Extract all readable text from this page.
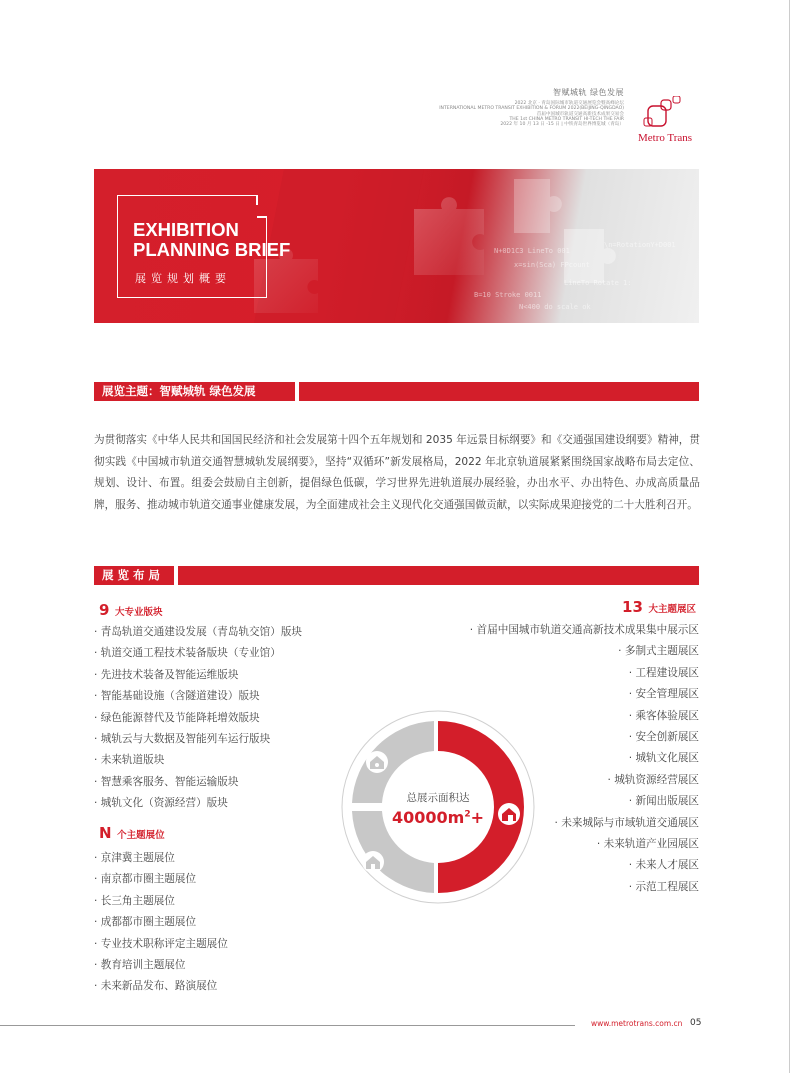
智赋城轨 绿色发展
2022 北京 · 青岛国际城市轨道交通展览会暨高峰论坛
INTERNATIONAL METRO TRANSIT EXHIBITION & FORUM 2022(BEIJING-QINGDAO)
首届中国城市轨道交通高新技术成果交易会
THE 1st CHINA METRO TRANSIT HI-TECH THE FAIR
2022 年 10 月 13 日 -15 日 | 中铁青岛世界博览城（青岛）
Metro Trans
N+0D1C3 LineTo 001
x=sin(Sca) FPcount
LineTo Rotate 1:
N<400 do scale ok
\n=RotationY+D001
B=10 Stroke 0011
EXHIBITION
PLANNING BRIEF
展览规划概要
展览主题：智赋城轨 绿色发展
为贯彻落实《中华人民共和国国民经济和社会发展第十四个五年规划和 2035 年远景目标纲要》和《交通强国建设纲要》精神，贯彻实践《中国城市轨道交通智慧城轨发展纲要》，坚持“双循环”新发展格局，2022 年北京轨道展紧紧围绕国家战略布局去定位、规划、设计、布置。组委会鼓励自主创新，提倡绿色低碳，学习世界先进轨道展办展经验，办出水平、办出特色、办成高质量品牌，服务、推动城市轨道交通事业健康发展，为全面建成社会主义现代化交通强国做贡献，以实际成果迎接党的二十大胜利召开。
展 览 布 局
9 大专业版块
· 青岛轨道交通建设发展（青岛轨交馆）版块
· 轨道交通工程技术装备版块（专业馆）
· 先进技术装备及智能运维版块
· 智能基础设施（含隧道建设）版块
· 绿色能源替代及节能降耗增效版块
· 城轨云与大数据及智能列车运行版块
· 未来轨道版块
· 智慧乘客服务、智能运输版块
· 城轨文化（资源经营）版块
N 个主题展位
· 京津冀主题展位
· 南京都市圈主题展位
· 长三角主题展位
· 成都都市圈主题展位
· 专业技术职称评定主题展位
· 教育培训主题展位
· 未来新品发布、路演展位
13 大主题展区
· 首届中国城市轨道交通高新技术成果集中展示区
· 多制式主题展区
· 工程建设展区
· 安全管理展区
· 乘客体验展区
· 安全创新展区
· 城轨文化展区
· 城轨资源经营展区
· 新闻出版展区
· 未来城际与市域轨道交通展区
· 未来轨道产业园展区
· 未来人才展区
· 示范工程展区
总展示面积达
$40000m^2+$
www.metrotrans.com.cn 05
